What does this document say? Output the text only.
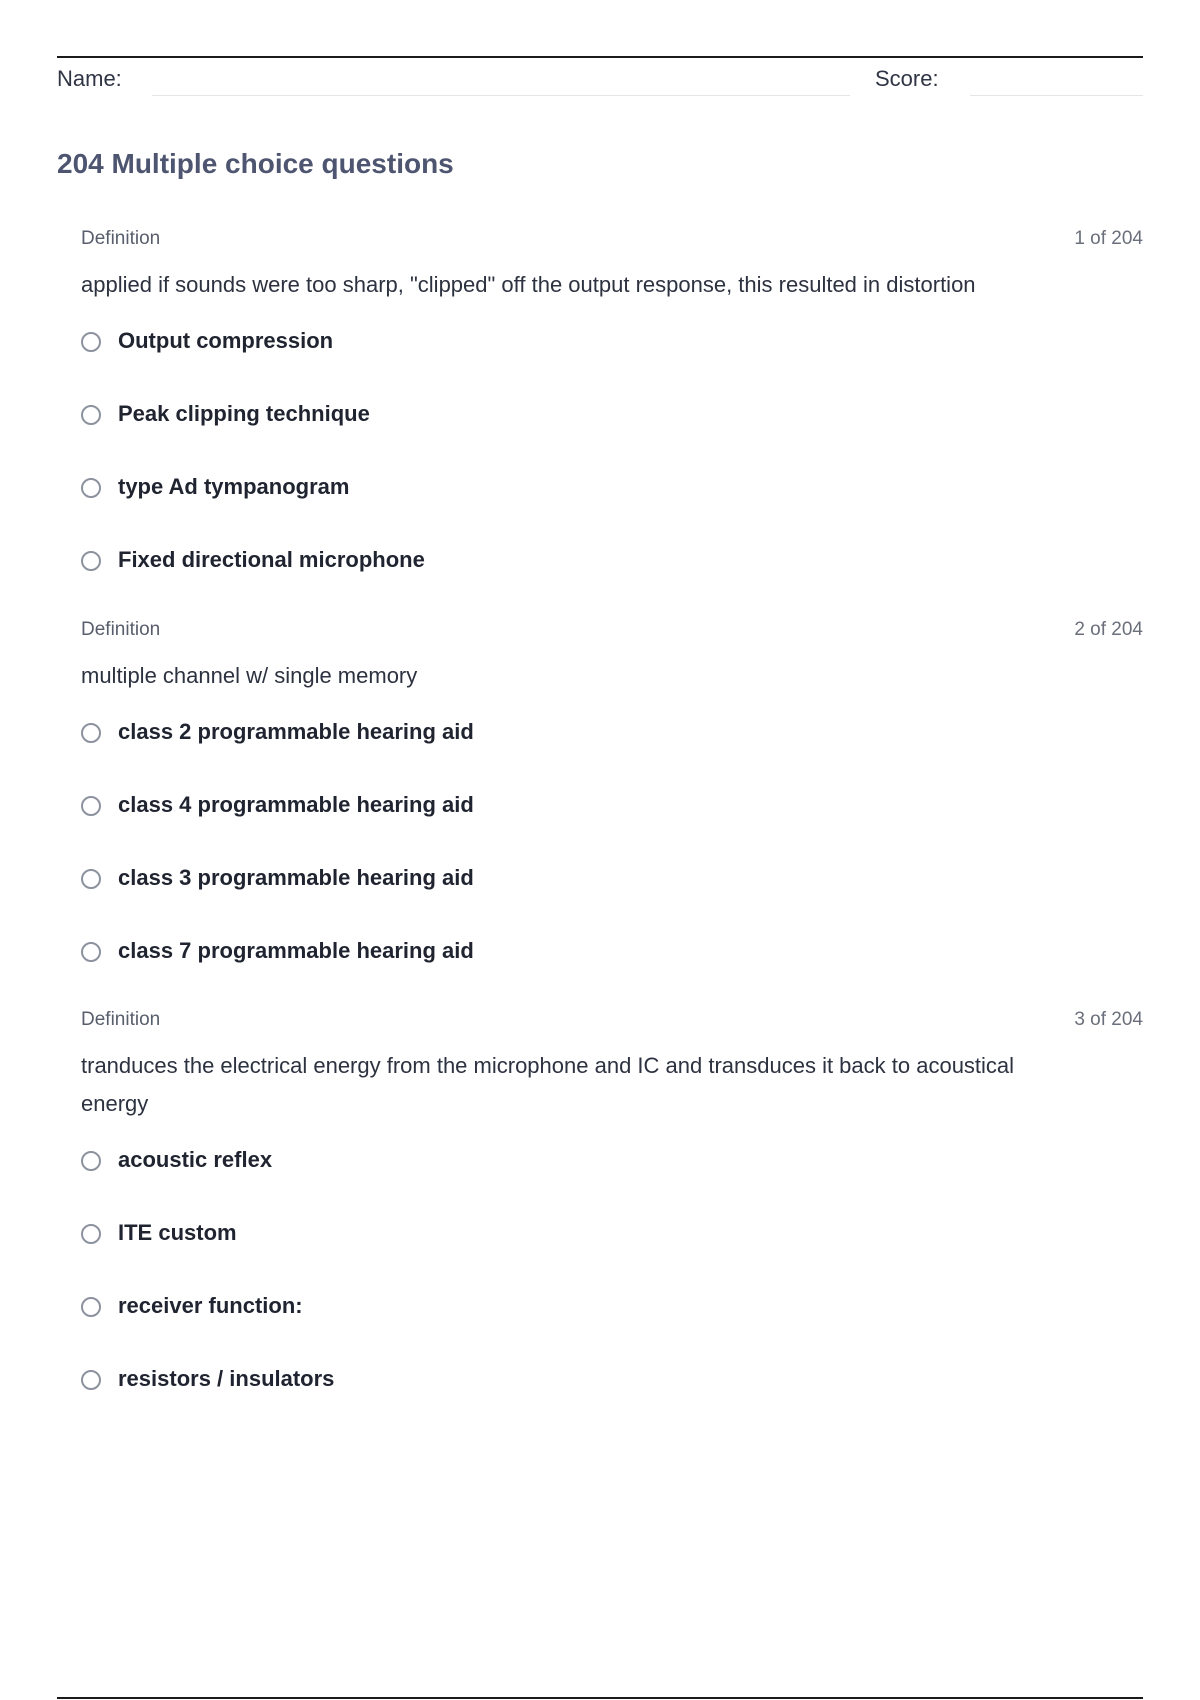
Name:	Score:
204 Multiple choice questions
Definition	1 of 204
applied if sounds were too sharp, "clipped" off the output response, this resulted in distortion
Output compression
Peak clipping technique
type Ad tympanogram
Fixed directional microphone
Definition	2 of 204
multiple channel w/ single memory
class 2 programmable hearing aid
class 4 programmable hearing aid
class 3 programmable hearing aid
class 7 programmable hearing aid
Definition	3 of 204
tranduces the electrical energy from the microphone and IC and transduces it back to acoustical energy
acoustic reflex
ITE custom
receiver function:
resistors / insulators
